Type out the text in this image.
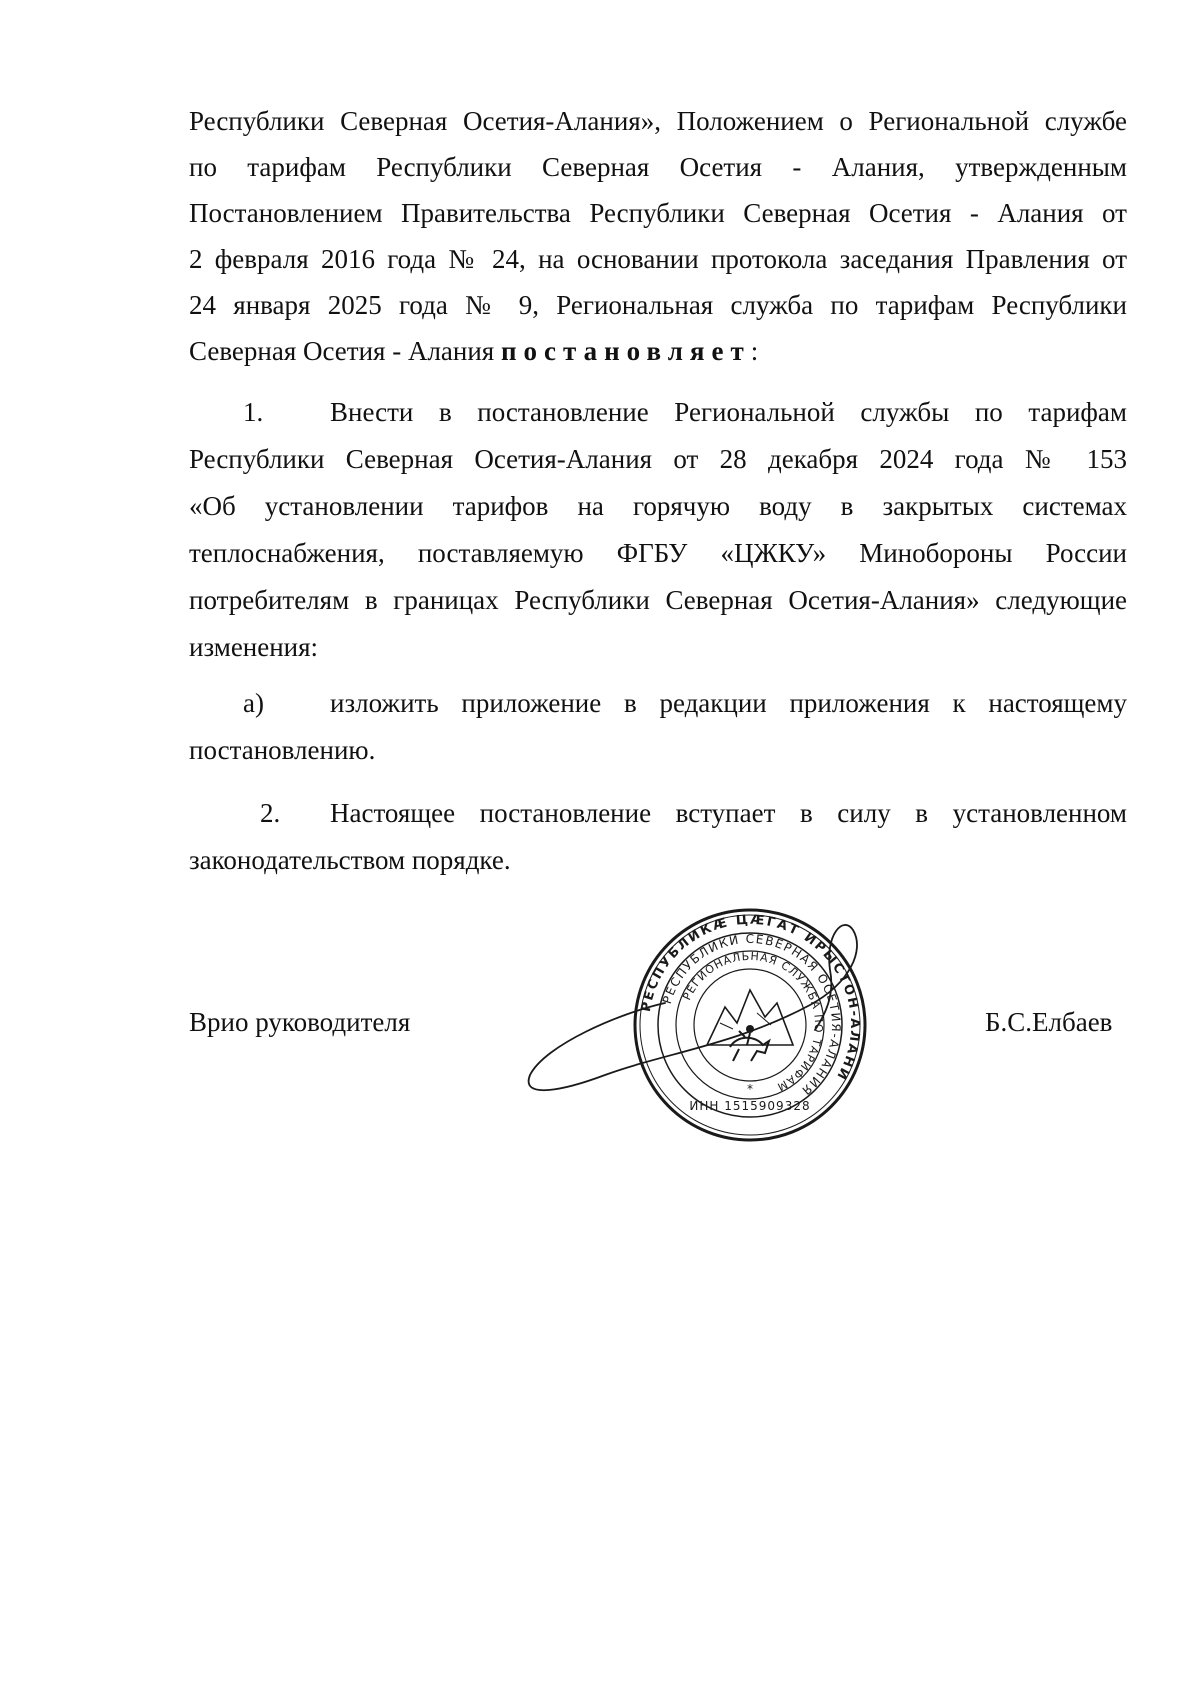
Республики Северная Осетия-Алания», Положением о Региональной службе
по тарифам Республики Северная Осетия - Алания, утвержденным
Постановлением Правительства Республики Северная Осетия - Алания от
2 февраля 2016 года № 24, на основании протокола заседания Правления от
24 января 2025 года № 9, Региональная служба по тарифам Республики
Северная Осетия - Алания постановляет:
1. Внести в постановление Региональной службы по тарифам
Республики Северная Осетия-Алания от 28 декабря 2024 года № 153
«Об установлении тарифов на горячую воду в закрытых системах
теплоснабжения, поставляемую ФГБУ «ЦЖКУ» Минобороны России
потребителям в границах Республики Северная Осетия-Алания» следующие
изменения:
а) изложить приложение в редакции приложения к настоящему
постановлению.
2. Настоящее постановление вступает в силу в установленном
законодательством порядке.
Врио руководителя	Б.С.Елбаев
РЕСПУБЛИКÆ ЦÆГАТ ИРЫСТОН-АЛАНИ
РЕСПУБЛИКИ СЕВЕРНАЯ ОСЕТИЯ-АЛАНИЯ
РЕГИОНАЛЬНАЯ СЛУЖБА ПО ТАРИФАМ
ИНН 1515909328
*
